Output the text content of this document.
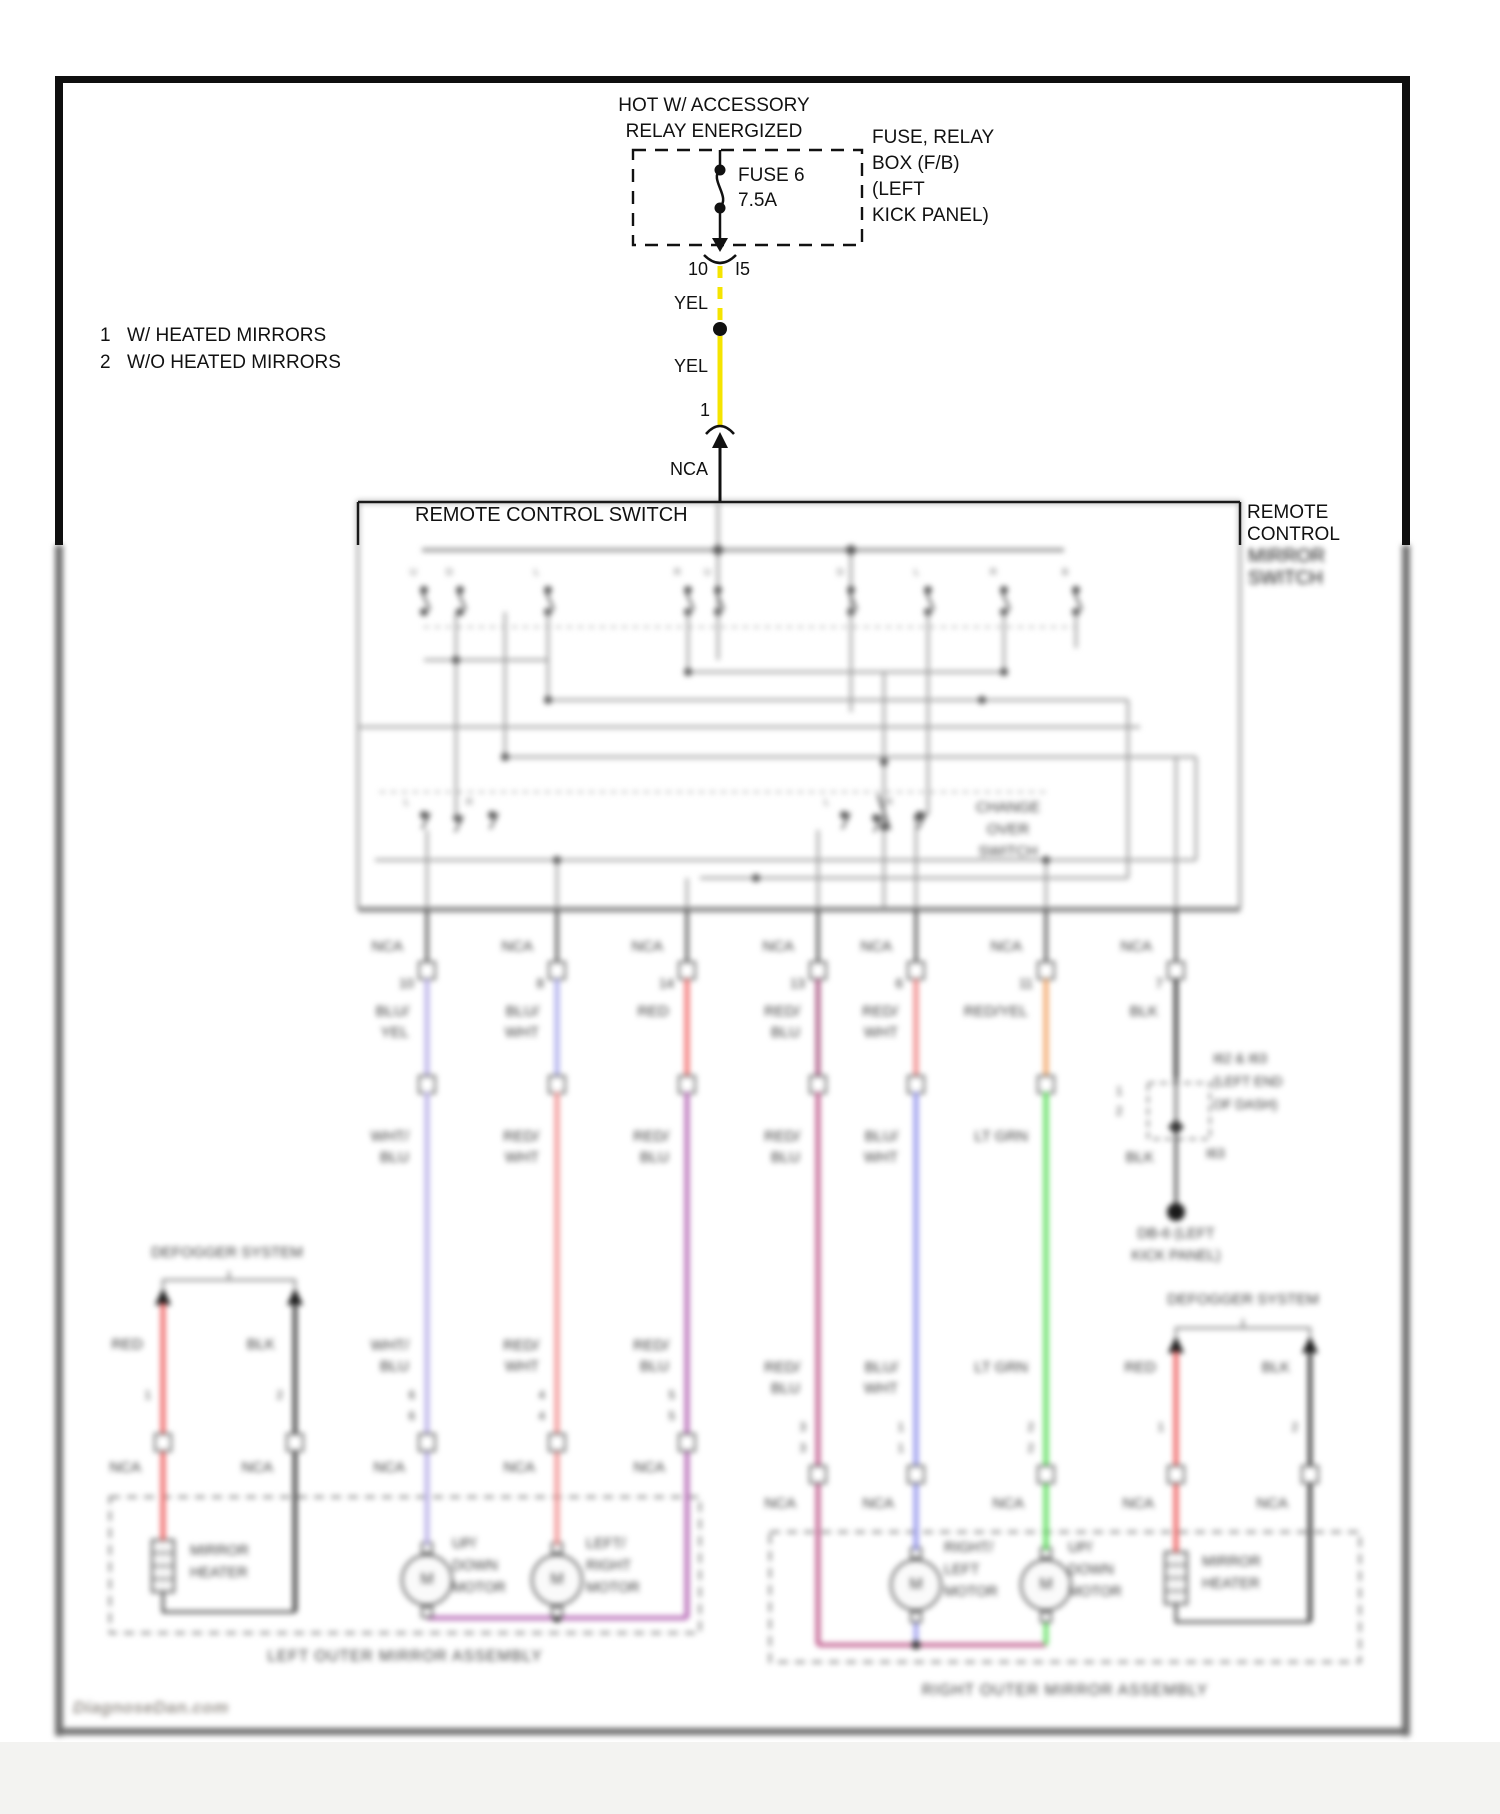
MIRROR
SWITCH
CHANGE
OVER
SWITCH
I62 & I63
(LEFT END
OF DASH)
1
2
I63
DB-6 (LEFT
KICK PANEL)
DEFOGGER SYSTEM
DEFOGGER SYSTEM
LEFT OUTER MIRROR ASSEMBLY
RIGHT OUTER MIRROR ASSEMBLY
MIRROR
HEATER
UP/
DOWN
MOTOR
LEFT/
RIGHT
MOTOR
RIGHT/
LEFT
MOTOR
UP/
DOWN
MOTOR
MIRROR
HEATER
DiagnoseDan.com
U	D	L	R U	D	L	R	B
L	R	L	R
M	M	M	M
NCA
10
BLU/
YEL
WHT/
BLU
WHT/
BLU
6
6
NCA
NCA
8
BLU/
WHT
RED/
WHT
RED/
WHT
4
4
NCA
NCA
14
RED
RED/
BLU
RED/
BLU
5
5
NCA
NCA
13
RED/
BLU
RED/
BLU
RED/
BLU
3
3
NCA
NCA
6
RED/
WHT
BLU/
WHT
BLU/
WHT
1
1
NCA
NCA
11
RED/YEL
LT GRN
LT GRN
2
2
NCA
NCA
7
BLK
BLK
RED
1
NCA
BLK
2
NCA
RED
1
NCA
BLK
2
NCA
HOT W/ ACCESSORY
RELAY ENERGIZED
FUSE 6
7.5A
FUSE, RELAY
BOX (F/B)
(LEFT
KICK PANEL)
10 I5
YEL
YEL
1
NCA
1 W/ HEATED MIRRORS
2 W/O HEATED MIRRORS
REMOTE CONTROL SWITCH	REMOTE
CONTROL
